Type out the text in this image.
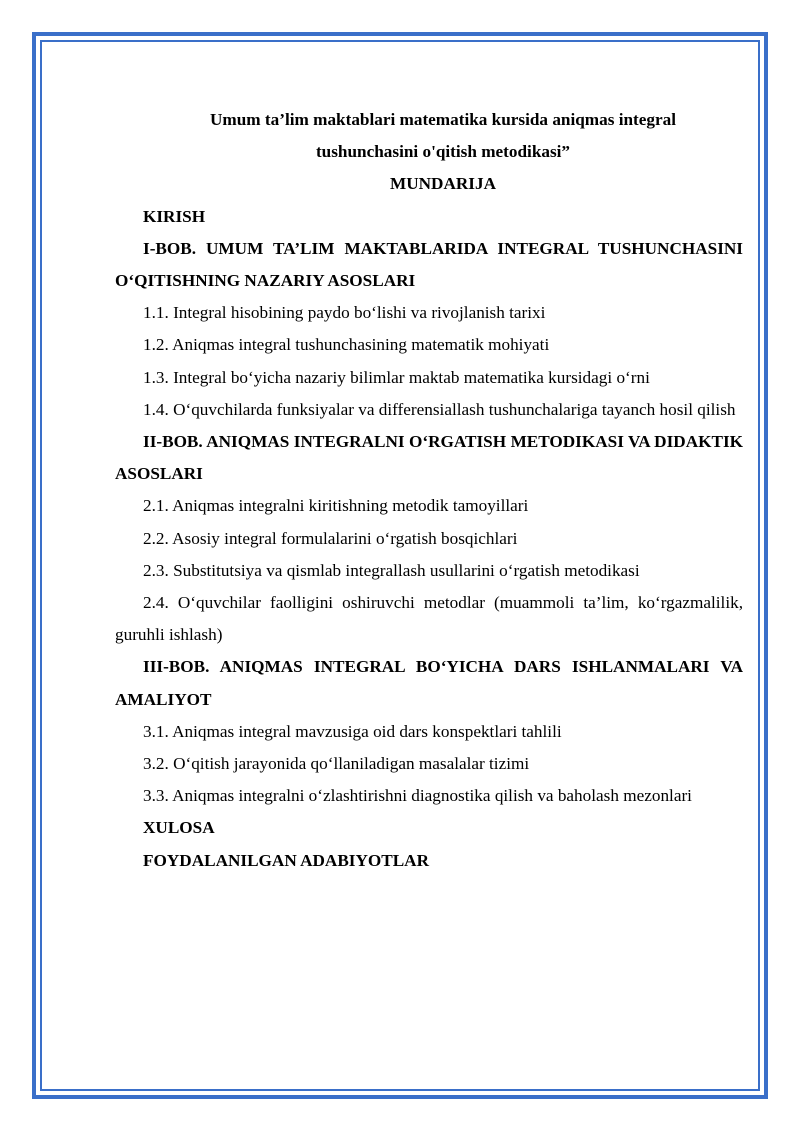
Umum ta’lim maktablari matematika kursida aniqmas integral
tushunchasini o'qitish metodikasi”
MUNDARIJA
KIRISH
I-BOB. UMUM TA’LIM MAKTABLARIDA INTEGRAL TUSHUNCHASINI O‘QITISHNING NAZARIY ASOSLARI
1.1. Integral hisobining paydo bo‘lishi va rivojlanish tarixi
1.2. Aniqmas integral tushunchasining matematik mohiyati
1.3. Integral bo‘yicha nazariy bilimlar maktab matematika kursidagi o‘rni
1.4. O‘quvchilarda funksiyalar va differensiallash tushunchalariga tayanch hosil qilish
II-BOB. ANIQMAS INTEGRALNI O‘RGATISH METODIKASI VA DIDAKTIK ASOSLARI
2.1. Aniqmas integralni kiritishning metodik tamoyillari
2.2. Asosiy integral formulalarini o‘rgatish bosqichlari
2.3. Substitutsiya va qismlab integrallash usullarini o‘rgatish metodikasi
2.4. O‘quvchilar faolligini oshiruvchi metodlar (muammoli ta’lim, ko‘rgazmalilik, guruhli ishlash)
III-BOB. ANIQMAS INTEGRAL BO‘YICHA DARS ISHLANMALARI VA AMALIYOT
3.1. Aniqmas integral mavzusiga oid dars konspektlari tahlili
3.2. O‘qitish jarayonida qo‘llaniladigan masalalar tizimi
3.3. Aniqmas integralni o‘zlashtirishni diagnostika qilish va baholash mezonlari
XULOSA
FOYDALANILGAN ADABIYOTLAR
